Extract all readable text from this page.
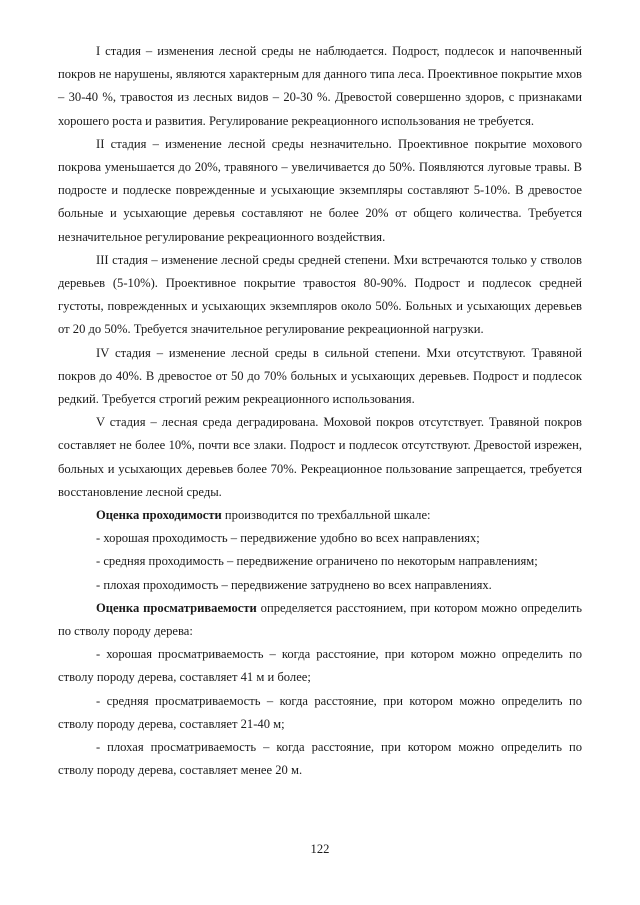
I стадия – изменения лесной среды не наблюдается. Подрост, подлесок и напочвенный покров не нарушены, являются характерным для данного типа леса. Проективное покрытие мхов – 30-40 %, травостоя из лесных видов – 20-30 %. Древостой совершенно здоров, с признаками хорошего роста и развития. Регулирование рекреационного использования не требуется.

II стадия – изменение лесной среды незначительно. Проективное покрытие мохового покрова уменьшается до 20%, травяного – увеличивается до 50%. Появляются луговые травы. В подросте и подлеске поврежденные и усыхающие экземпляры составляют 5-10%. В древостое больные и усыхающие деревья составляют не более 20% от общего количества. Требуется незначительное регулирование рекреационного воздействия.

III стадия – изменение лесной среды средней степени. Мхи встречаются только у стволов деревьев (5-10%). Проективное покрытие травостоя 80-90%. Подрост и подлесок средней густоты, поврежденных и усыхающих экземпляров около 50%. Больных и усыхающих деревьев от 20 до 50%. Требуется значительное регулирование рекреационной нагрузки.

IV стадия – изменение лесной среды в сильной степени. Мхи отсутствуют. Травяной покров до 40%. В древостое от 50 до 70% больных и усыхающих деревьев. Подрост и подлесок редкий. Требуется строгий режим рекреационного использования.

V стадия – лесная среда деградирована. Моховой покров отсутствует. Травяной покров составляет не более 10%, почти все злаки. Подрост и подлесок отсутствуют. Древостой изрежен, больных и усыхающих деревьев более 70%. Рекреационное пользование запрещается, требуется восстановление лесной среды.

Оценка проходимости производится по трехбалльной шкале:

- хорошая проходимость – передвижение удобно во всех направлениях;

- средняя проходимость – передвижение ограничено по некоторым направлениям;

- плохая проходимость – передвижение затруднено во всех направлениях.

Оценка просматриваемости определяется расстоянием, при котором можно определить по стволу породу дерева:

- хорошая просматриваемость – когда расстояние, при котором можно определить по стволу породу дерева, составляет 41 м и более;

- средняя просматриваемость – когда расстояние, при котором можно определить по стволу породу дерева, составляет 21-40 м;

- плохая просматриваемость – когда расстояние, при котором можно определить по стволу породу дерева, составляет менее 20 м.

122
